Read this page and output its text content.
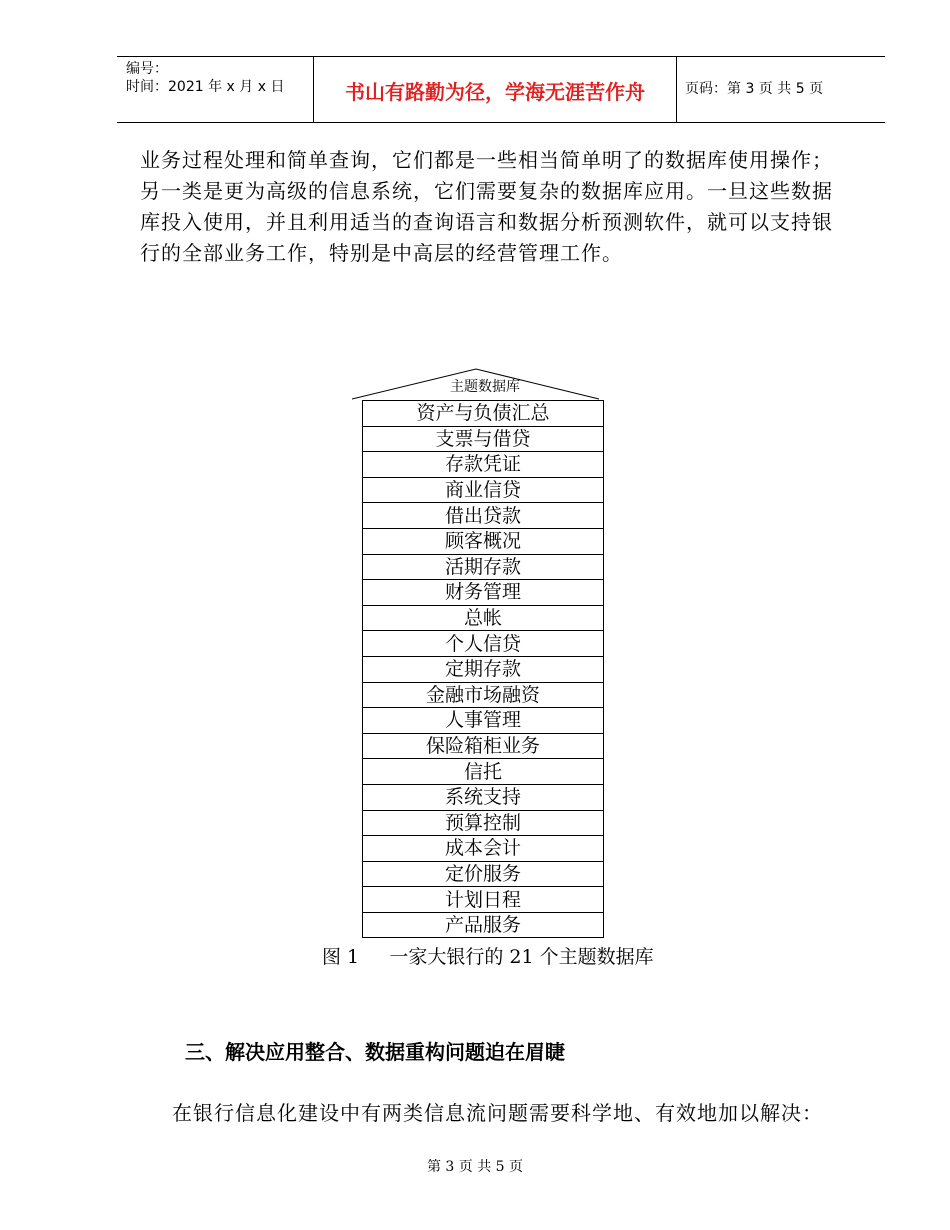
编号：
时间：2021 年 x 月 x 日	书山有路勤为径，学海无涯苦作舟	页码：第 3 页 共 5 页
业务过程处理和简单查询，它们都是一些相当简单明了的数据库使用操作；
另一类是更为高级的信息系统，它们需要复杂的数据库应用。一旦这些数据
库投入使用，并且利用适当的查询语言和数据分析预测软件，就可以支持银
行的全部业务工作，特别是中高层的经营管理工作。
主题数据库
资产与负债汇总
支票与借贷
存款凭证
商业信贷
借出贷款
顾客概况
活期存款
财务管理
总帐
个人信贷
定期存款
金融市场融资
人事管理
保险箱柜业务
信托
系统支持
预算控制
成本会计
定价服务
计划日程
产品服务
图 1     一家大银行的 21 个主题数据库
三、解决应用整合、数据重构问题迫在眉睫
在银行信息化建设中有两类信息流问题需要科学地、有效地加以解决：
第 3 页 共 5 页
